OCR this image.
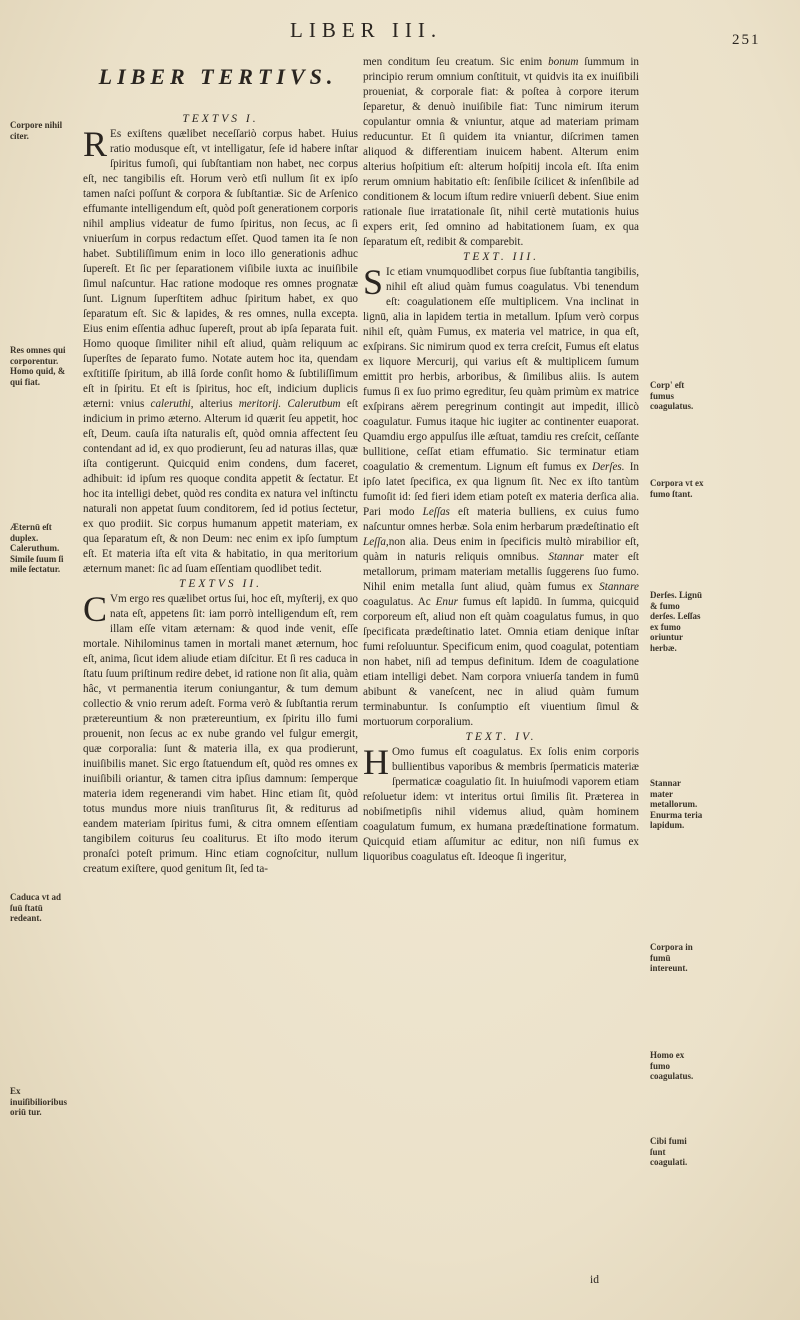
LIBER III.	251
LIBER TERTIVS.
TEXTVS I.

R Es exiſtens quælibet neceſſariò corpus habet. Huius ratio modusque eſt, vt intelligatur, ſeſe id habere inſtar ſpiritus fumoſi, qui ſubſtantiam non habet, nec corpus eſt, nec tangibilis eſt. Horum verò etſi nullum ſit ex ipſo tamen naſci poſſunt & corpora & ſubſtantiæ. Sic de Arſenico effumante intelligendum eſt, quòd poſt generationem corporis nihil amplius videatur de fumo ſpiritus, non ſecus, ac ſi vniuerſum in corpus redactum eſſet. Quod tamen ita ſe non habet. Subtiliſſimum enim in loco illo generationis adhuc ſupereſt. Et ſic per ſeparationem viſibile iuxta ac inuiſibile ſimul naſcuntur. Hac ratione modoque res omnes prognatæ ſunt. Lignum ſuperſtitem adhuc ſpiritum habet, ex quo ſeparatum eſt. Sic & lapides, & res omnes, nulla excepta. Eius enim eſſentia adhuc ſupereſt, prout ab ipſa ſeparata fuit. Homo quoque ſimiliter nihil eſt aliud, quàm reliquum ac ſuperſtes de ſeparato fumo. Notate autem hoc ita, quendam exſtitiſſe ſpiritum, ab illâ ſorde conſit homo & ſubtiliſſimum eſt in ſpiritu. Et eſt is ſpiritus, hoc eſt, indicium duplicis æterni: vnius caleruthi, alterius meritorij. Calerutbum eſt indicium in primo æterno. Alterum id quærit ſeu appetit, hoc eſt, Deum. cauſa iſta naturalis eſt, quòd omnia affectent ſeu contendant ad id, ex quo prodierunt, ſeu ad naturas illas, quæ iſta contigerunt. Quicquid enim condens, dum faceret, adhibuit: id ipſum res quoque condita appetit & ſectatur. Et hoc ita intelligi debet, quòd res condita ex natura vel inſtinctu naturali non appetat ſuum conditorem, ſed id potius ſectetur, ex quo prodiit. Sic corpus humanum appetit materiam, ex qua ſeparatum eſt, & non Deum: nec enim ex ipſo ſumptum eſt. Et materia iſta eſt vita & habitatio, in qua meritorium æternum manet: ſic ad ſuam eſſentiam quodlibet tedit.

TEXTVS II.

C Vm ergo res quælibet ortus ſui, hoc eſt, myſterij, ex quo nata eſt, appetens ſit: iam porrò intelligendum eſt, rem illam eſſe vitam æternam: & quod inde venit, eſſe mortale. Nihilominus tamen in mortali manet æternum, hoc eſt, anima, ſicut idem aliude etiam diſcitur. Et ſi res caduca in ſtatu ſuum priſtinum redire debet, id ratione non ſit alia, quàm hâc, vt permanentia iterum coniungantur, & tum demum collectio & vnio rerum adeſt. Forma verò & ſubſtantia rerum prætereuntium & non prætereuntium, ex ſpiritu illo fumi prouenit, non ſecus ac ex nube grando vel fulgur emergit, quæ corporalia: ſunt & materia illa, ex qua prodierunt, inuiſibilis manet. Sic ergo ſtatuendum eſt, quòd res omnes ex inuiſibili oriantur, & tamen citra ipſius damnum: ſemperque materia idem regenerandi vim habet. Hinc etiam ſit, quòd totus mundus more niuis tranſiturus ſit, & rediturus ad eandem materiam ſpiritus fumi, & citra omnem eſſentiam tangibilem coiturus ſeu coaliturus. Et iſto modo iterum pronaſci poteſt primum. Hinc etiam cognoſcitur, nullum creatum exiſtere, quod genitum ſit, ſed ta-

men conditum ſeu creatum. Sic enim bonum ſummum in principio rerum omnium conſtituit, vt quidvis ita ex inuiſibili proueniat, & corporale fiat: & poſtea à corpore iterum ſeparetur, & denuò inuiſibile fiat: Tunc nimirum iterum copulantur omnia & vniuntur, atque ad materiam primam reducuntur. Et ſi quidem ita vniantur, diſcrimen tamen aliquod & differentiam inuicem habent. Alterum enim alterius hoſpitium eſt: alterum hoſpitij incola eſt. Iſta enim rerum omnium habitatio eſt: ſenſibile ſcilicet & inſenſibile ad conditionem & locum iſtum redire vniuerſi debent. Siue enim rationale ſiue irratationale ſit, nihil certè mutationis huius expers erit, ſed omnino ad habitationem ſuam, ex qua ſeparatum eſt, redibit & comparebit.

TEXT. III.

S Ic etiam vnumquodlibet corpus ſiue ſubſtantia tangibilis, nihil eſt aliud quàm fumus coagulatus. Vbi tenendum eſt: coagulationem eſſe multiplicem. Vna inclinat in lignū, alia in lapidem tertia in metallum. Ipſum verò corpus nihil eſt, quàm Fumus, ex materia vel matrice, in qua eſt, exſpirans. Sic nimirum quod ex terra creſcit, Fumus eſt elatus ex liquore Mercurij, qui varius eſt & multiplicem ſumum emittit pro herbis, arboribus, & ſimilibus aliis. Is autem fumus ſi ex ſuo primo egreditur, ſeu quàm primùm ex matrice exſpirans aërem peregrinum contingit aut impedit, illicò coagulatur. Fumus itaque hic iugiter ac continenter euaporat. Quamdiu ergo appulſus ille æſtuat, tamdiu res creſcit, ceſſante bullitione, ceſſat etiam effumatio. Sic terminatur etiam coagulatio & crementum. Lignum eſt fumus ex Derſes. In ipſo latet ſpecifica, ex qua lignum ſit. Nec ex iſto tantùm fumoſit id: ſed fieri idem etiam poteſt ex materia derſica alia. Pari modo Leſſas eſt materia bulliens, ex cuius fumo naſcuntur omnes herbæ. Sola enim herbarum prædeſtinatio eſt Leſſa,non alia. Deus enim in ſpecificis multò mirabilior eſt, quàm in naturis reliquis omnibus. Stannar mater eſt metallorum, primam materiam metallis ſuggerens ſuo fumo. Nihil enim metalla ſunt aliud, quàm fumus ex Stannare coagulatus. Ac Enur fumus eſt lapidū. In ſumma, quicquid corporeum eſt, aliud non eſt quàm coagulatus fumus, in quo ſpecificata prædeſtinatio latet. Omnia etiam denique inſtar fumi reſoluuntur. Specificum enim, quod coagulat, potentiam non habet, niſi ad tempus definitum. Idem de coagulatione etiam intelligi debet. Nam corpora vniuerſa tandem in fumū abibunt & vaneſcent, nec in aliud quàm fumum terminabuntur. Is conſumptio eſt viuentium ſimul & mortuorum corporalium.

TEXT. IV.

H Omo fumus eſt coagulatus. Ex ſolis enim corporis bullientibus vaporibus & membris ſpermaticis materiæ ſpermaticæ coagulatio ſit. In huiuſmodi vaporem etiam reſoluetur idem: vt interitus ortui ſimilis ſit. Præterea in nobiſmetipſis nihil videmus aliud, quàm hominem coagulatum fumum, ex humana prædeſtinatione formatum. Quicquid etiam aſſumitur ac editur, non niſi fumus ex liquoribus coagulatus eſt. Ideoque ſi ingeritur,

id
Corpore nihil citer.
Res omnes qui corporentur. Homo quid, & qui fiat.
Æternū eſt duplex. Caleruthum. Simile ſuum ſi mile ſectatur.
Caduca vt ad ſuū ſtatū redeant.
Ex inuiſibilioribus oriū tur.
Corp' eſt fumus coagulatus.
Corpora vt ex fumo ſtant.
Derſes. Lignū & fumo derſes. Leſſas ex fumo oriuntur herbæ.
Stannar mater metallorum. Enurma teria lapidum.
Corpora in fumū intereunt.
Homo ex fumo coagulatus.
Cibi fumi ſunt coagulati.
